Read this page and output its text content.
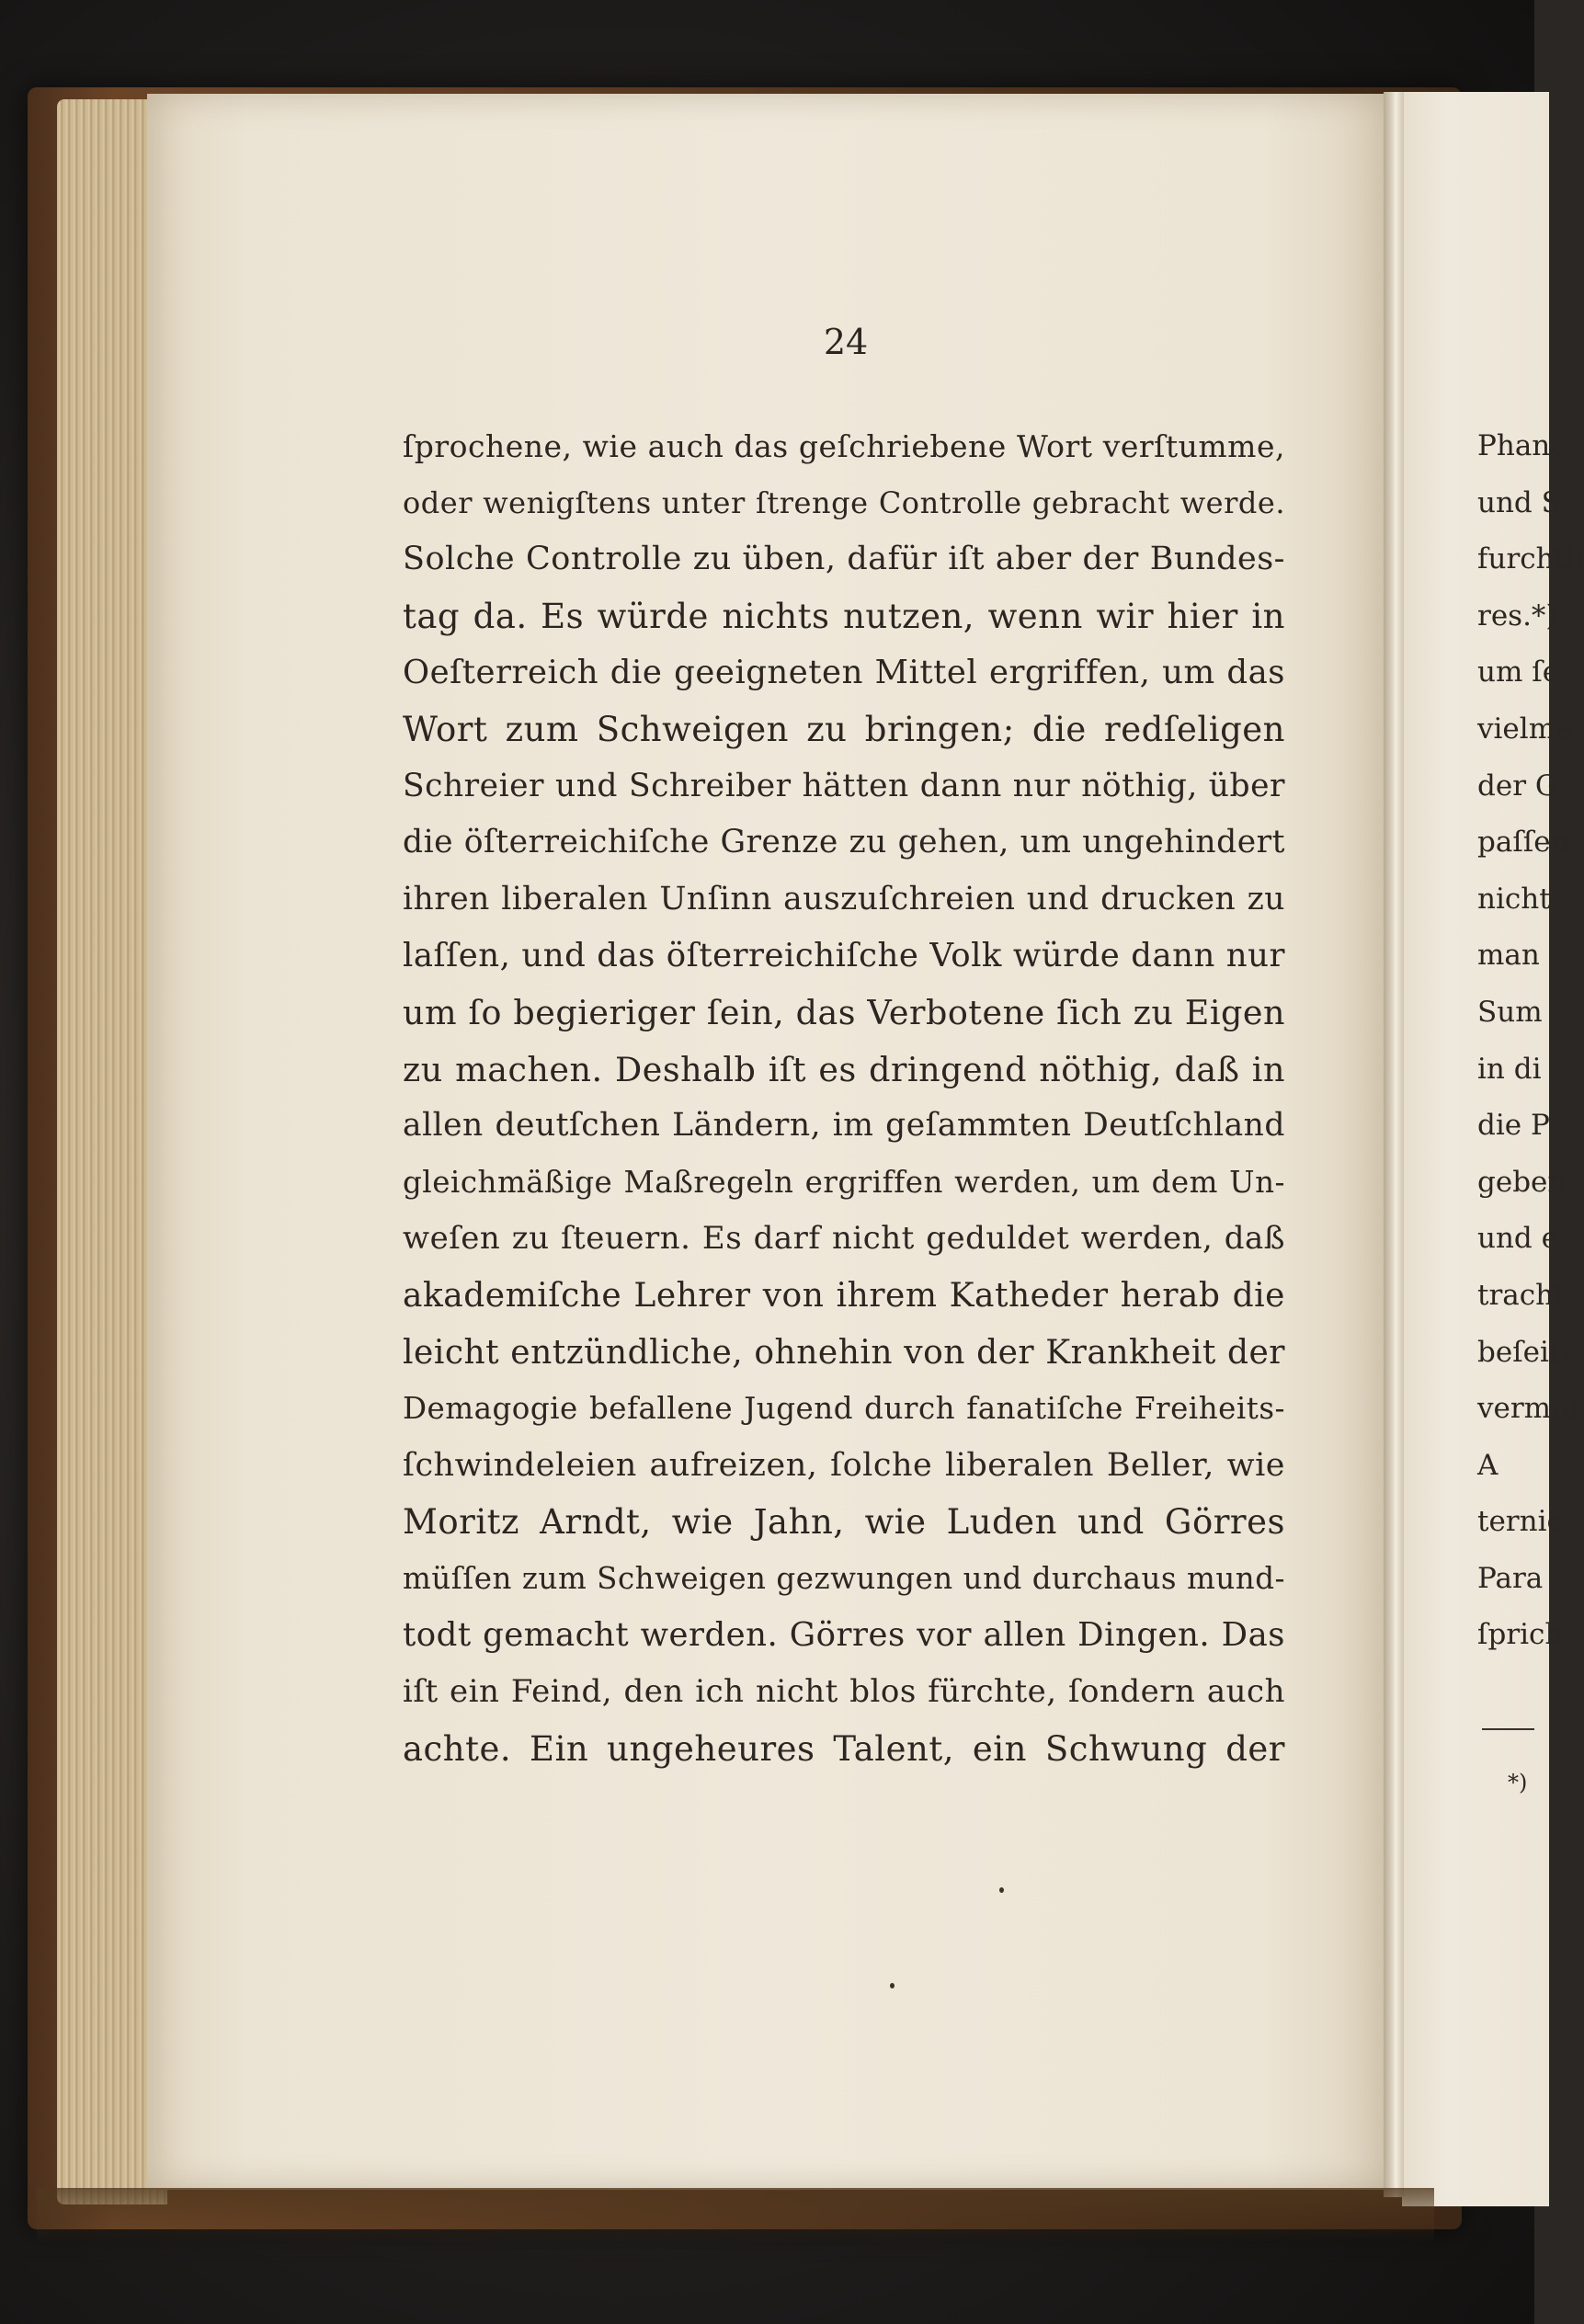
24
ſprochene, wie auch das geſchriebene Wort verſtumme,
oder wenigſtens unter ſtrenge Controlle gebracht werde.
Solche Controlle zu üben, dafür iſt aber der Bundes-
tag da. Es würde nichts nutzen, wenn wir hier in
Oeſterreich die geeigneten Mittel ergriffen, um das
Wort zum Schweigen zu bringen; die redſeligen
Schreier und Schreiber hätten dann nur nöthig, über
die öſterreichiſche Grenze zu gehen, um ungehindert
ihren liberalen Unſinn auszuſchreien und drucken zu
laſſen, und das öſterreichiſche Volk würde dann nur
um ſo begieriger ſein, das Verbotene ſich zu Eigen
zu machen. Deshalb iſt es dringend nöthig, daß in
allen deutſchen Ländern, im geſammten Deutſchland
gleichmäßige Maßregeln ergriffen werden, um dem Un-
weſen zu ſteuern. Es darf nicht geduldet werden, daß
akademiſche Lehrer von ihrem Katheder herab die
leicht entzündliche, ohnehin von der Krankheit der
Demagogie befallene Jugend durch fanatiſche Freiheits-
ſchwindeleien aufreizen, ſolche liberalen Beller, wie
Moritz Arndt, wie Jahn, wie Luden und Görres
müſſen zum Schweigen gezwungen und durchaus mund-
todt gemacht werden. Görres vor allen Dingen. Das
iſt ein Feind, den ich nicht blos fürchte, ſondern auch
achte. Ein ungeheures Talent, ein Schwung der
Phant
und S
furchtb
res.*)
um ſe
vielme
der G
paſſen
nicht
man
Sum
in di
die P
geben,
und e
tracht
beſeiti
vermiü
A
ternic
Para
ſprich
*)
